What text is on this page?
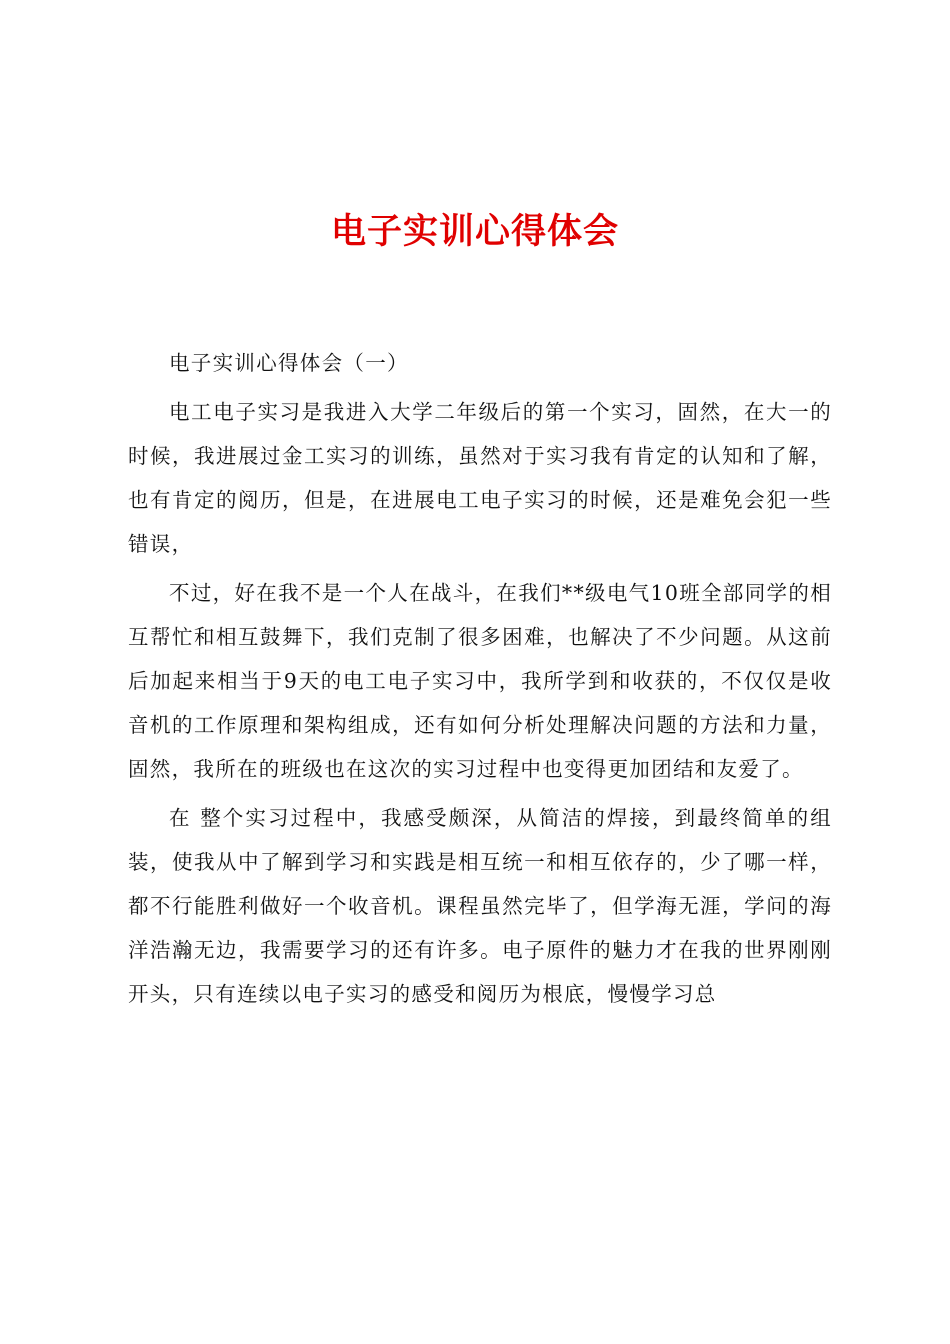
电子实训心得体会

电子实训心得体会（一）

电工电子实习是我进入大学二年级后的第一个实习，固然，在大一的时候，我进展过金工实习的训练，虽然对于实习我有肯定的认知和了解，也有肯定的阅历，但是，在进展电工电子实习的时候，还是难免会犯一些错误，

不过，好在我不是一个人在战斗，在我们**级电气10班全部同学的相互帮忙和相互鼓舞下，我们克制了很多困难，也解决了不少问题。从这前后加起来相当于9天的电工电子实习中，我所学到和收获的，不仅仅是收音机的工作原理和架构组成，还有如何分析处理解决问题的方法和力量，固然，我所在的班级也在这次的实习过程中也变得更加团结和友爱了。

在 整个实习过程中，我感受颇深，从简洁的焊接，到最终简单的组装，使我从中了解到学习和实践是相互统一和相互依存的，少了哪一样，都不行能胜利做好一个收音机。课程虽然完毕了，但学海无涯，学问的海洋浩瀚无边，我需要学习的还有许多。电子原件的魅力才在我的世界刚刚开头，只有连续以电子实习的感受和阅历为根底，慢慢学习总
